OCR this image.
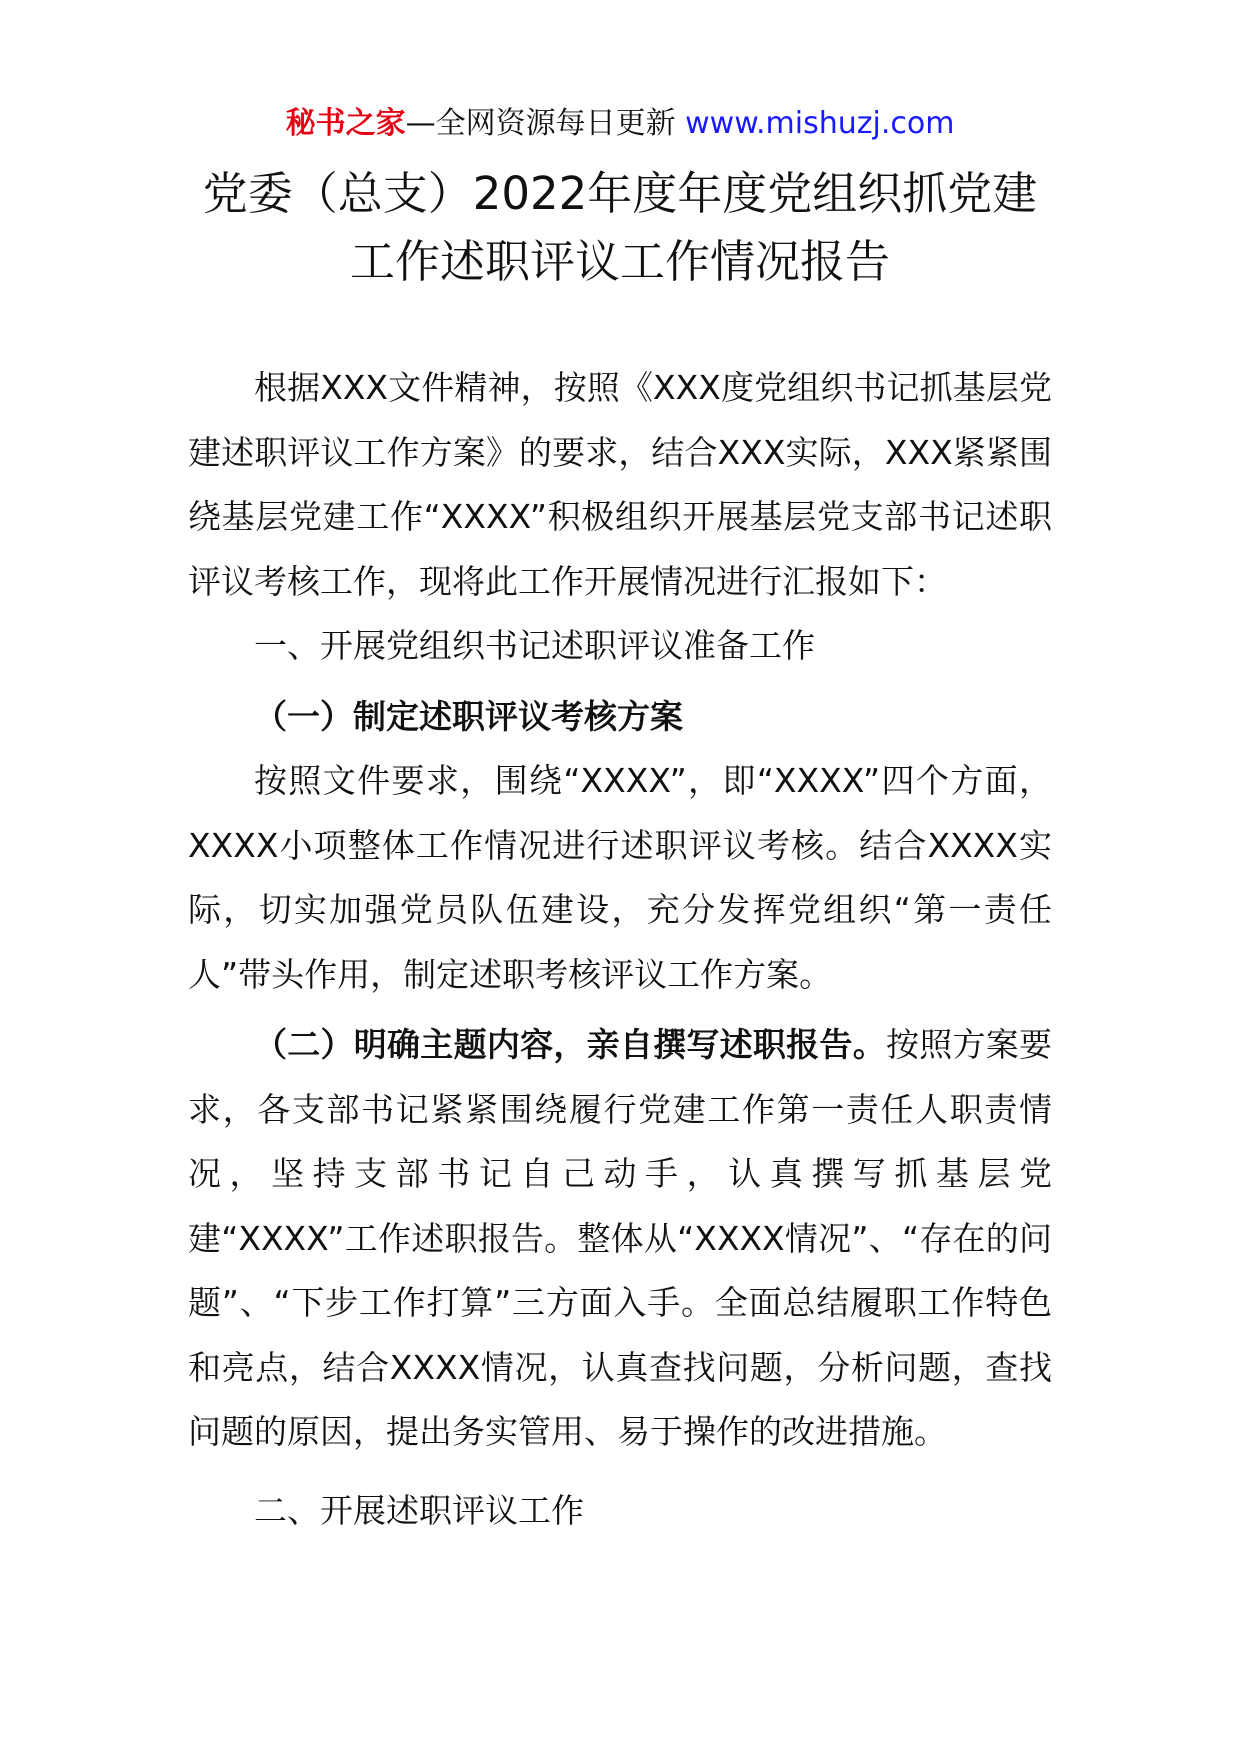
秘书之家—全网资源每日更新 www.mishuzj.com
党委（总支）2022年度年度党组织抓党建
工作述职评议工作情况报告

根据XXX文件精神，按照《XXX度党组织书记抓基层党建述职评议工作方案》的要求，结合XXX实际，XXX紧紧围绕基层党建工作“XXXX”积极组织开展基层党支部书记述职评议考核工作，现将此工作开展情况进行汇报如下：

一、开展党组织书记述职评议准备工作

（一）制定述职评议考核方案

按照文件要求，围绕“XXXX”，即“XXXX”四个方面，XXXX小项整体工作情况进行述职评议考核。结合XXXX实际，切实加强党员队伍建设，充分发挥党组织“第一责任人”带头作用，制定述职考核评议工作方案。

（二）明确主题内容，亲自撰写述职报告。按照方案要求，各支部书记紧紧围绕履行党建工作第一责任人职责情况，坚持支部书记自己动手，认真撰写抓基层党建“XXXX”工作述职报告。整体从“XXXX情况”、“存在的问题”、“下步工作打算”三方面入手。全面总结履职工作特色和亮点，结合XXXX情况，认真查找问题，分析问题，查找问题的原因，提出务实管用、易于操作的改进措施。

二、开展述职评议工作
